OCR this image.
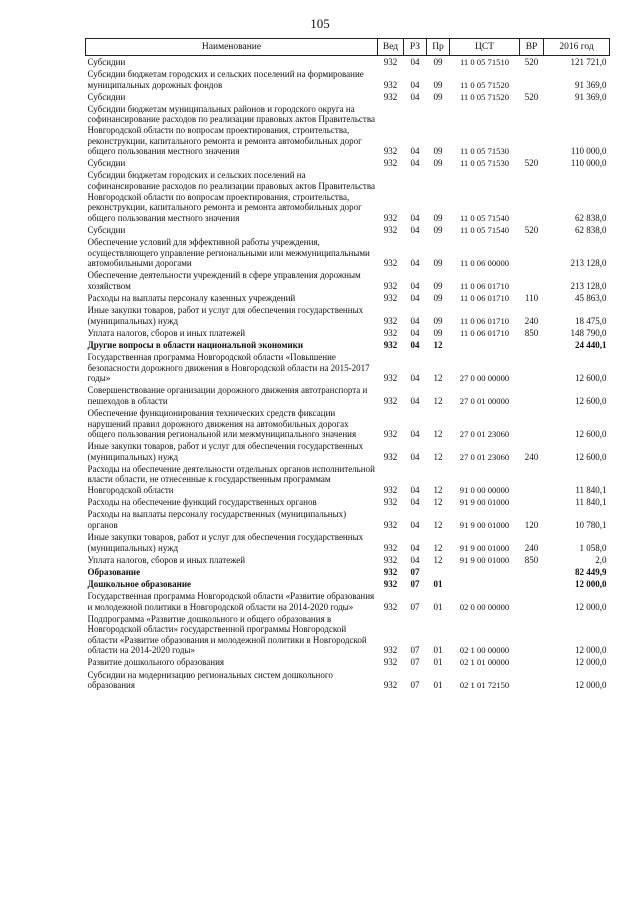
105
Наименование	Вед	РЗ	Пр	ЦСТ	ВР	2016 год
Субсидии	932	04	09	11 0 05 71510	520	121 721,0
Субсидии бюджетам городских и сельских поселений на формирование муниципальных дорожных фондов	932	04	09	11 0 05 71520		91 369,0
Субсидии	932	04	09	11 0 05 71520	520	91 369,0
Субсидии бюджетам муниципальных районов и городского округа на софинансирование расходов по реализации правовых актов Правительства Новгородской области по вопросам проектирования, строительства, реконструкции, капитального ремонта и ремонта автомобильных дорог общего пользования местного значения	932	04	09	11 0 05 71530		110 000,0
Субсидии	932	04	09	11 0 05 71530	520	110 000,0
Субсидии бюджетам городских и сельских поселений на софинансирование расходов по реализации правовых актов Правительства Новгородской области по вопросам проектирования, строительства, реконструкции, капитального ремонта и ремонта автомобильных дорог общего пользования местного значения	932	04	09	11 0 05 71540		62 838,0
Субсидии	932	04	09	11 0 05 71540	520	62 838,0
Обеспечение условий для эффективной работы учреждения, осуществляющего управление региональными или межмуниципальными автомобильными дорогами	932	04	09	11 0 06 00000		213 128,0
Обеспечение деятельности учреждений в сфере управления дорожным хозяйством	932	04	09	11 0 06 01710		213 128,0
Расходы на выплаты персоналу казенных учреждений	932	04	09	11 0 06 01710	110	45 863,0
Иные закупки товаров, работ и услуг для обеспечения государственных (муниципальных) нужд	932	04	09	11 0 06 01710	240	18 475,0
Уплата налогов, сборов и иных платежей	932	04	09	11 0 06 01710	850	148 790,0
Другие вопросы в области национальной экономики	932	04	12			24 440,1
Государственная программа Новгородской области «Повышение безопасности дорожного движения в Новгородской области на 2015-2017 годы»	932	04	12	27 0 00 00000		12 600,0
Совершенствование организации дорожного движения автотранспорта и пешеходов в области	932	04	12	27 0 01 00000		12 600,0
Обеспечение функционирования технических средств фиксации нарушений правил дорожного движения на автомобильных дорогах общего пользования региональной или межмуниципального значения	932	04	12	27 0 01 23060		12 600,0
Иные закупки товаров, работ и услуг для обеспечения государственных (муниципальных) нужд	932	04	12	27 0 01 23060	240	12 600,0
Расходы на обеспечение деятельности отдельных органов исполнительной власти области, не отнесенные к государственным программам Новгородской области	932	04	12	91 0 00 00000		11 840,1
Расходы на обеспечение функций государственных органов	932	04	12	91 9 00 01000		11 840,1
Расходы на выплаты персоналу государственных (муниципальных) органов	932	04	12	91 9 00 01000	120	10 780,1
Иные закупки товаров, работ и услуг для обеспечения государственных (муниципальных) нужд	932	04	12	91 9 00 01000	240	1 058,0
Уплата налогов, сборов и иных платежей	932	04	12	91 9 00 01000	850	2,0
Образование	932	07				82 449,9
Дошкольное образование	932	07	01			12 000,0
Государственная программа Новгородской области «Развитие образования и молодежной политики в Новгородской области на 2014-2020 годы»	932	07	01	02 0 00 00000		12 000,0
Подпрограмма «Развитие дошкольного и общего образования в Новгородской области» государственной программы Новгородской области «Развитие образования и молодежной политики в Новгородской области на 2014-2020 годы»	932	07	01	02 1 00 00000		12 000,0
Развитие дошкольного образования	932	07	01	02 1 01 00000		12 000,0
Субсидии на модернизацию региональных систем дошкольного образования	932	07	01	02 1 01 72150		12 000,0
